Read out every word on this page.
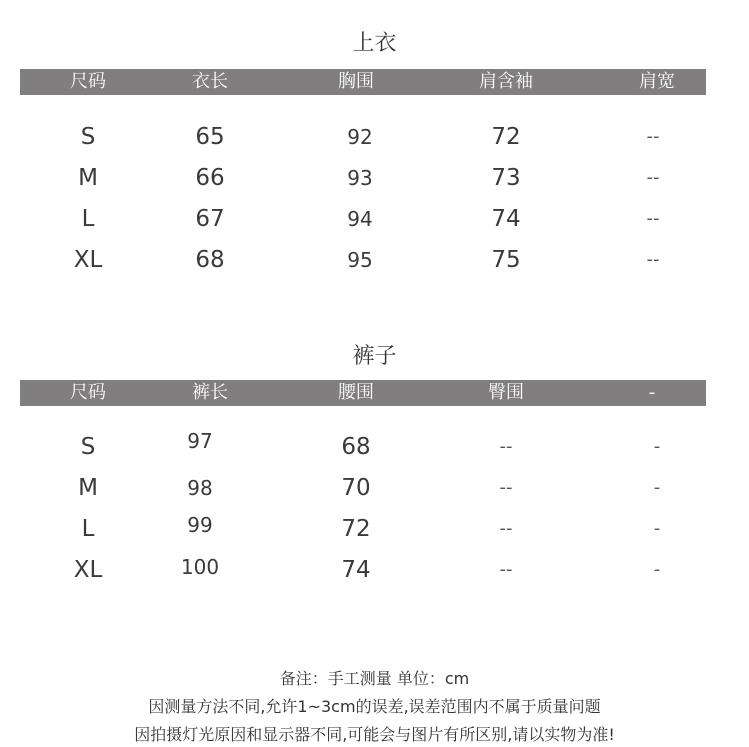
上衣
尺码	衣长	胸围	肩含袖	肩宽
S	65	92	72	--
M	66	93	73	--
L	67	94	74	--
XL	68	95	75	--
裤子
尺码	裤长	腰围	臀围	-
S	97	68	--	-
M	98	70	--	-
L	99	72	--	-
XL	100	74	--	-
备注：手工测量 单位：cm
因测量方法不同,允许1~3cm的误差,误差范围内不属于质量问题
因拍摄灯光原因和显示器不同,可能会与图片有所区别,请以实物为准!
